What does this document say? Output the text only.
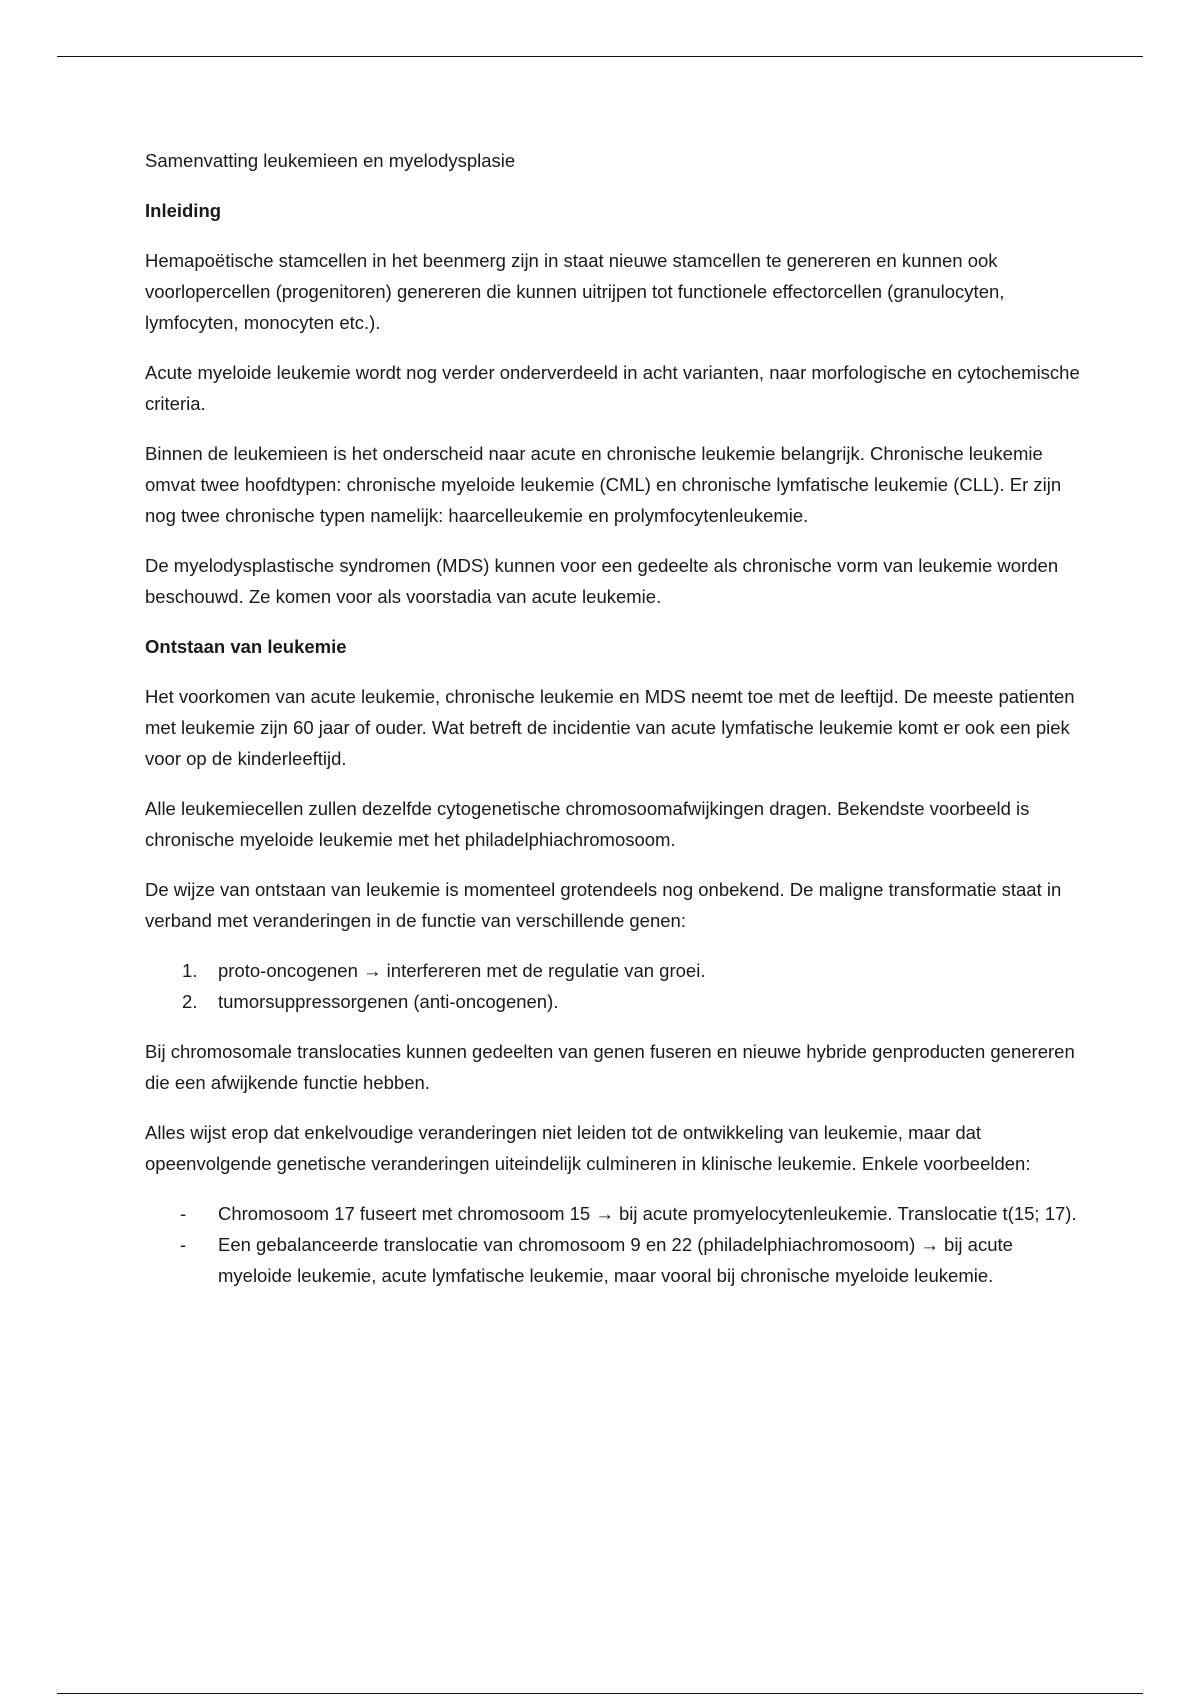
Samenvatting leukemieen en myelodysplasie

Inleiding

Hemapoëtische stamcellen in het beenmerg zijn in staat nieuwe stamcellen te genereren en kunnen ook voorlopercellen (progenitoren) genereren die kunnen uitrijpen tot functionele effectorcellen (granulocyten, lymfocyten, monocyten etc.).

Acute myeloide leukemie wordt nog verder onderverdeeld in acht varianten, naar morfologische en cytochemische criteria.

Binnen de leukemieen is het onderscheid naar acute en chronische leukemie belangrijk. Chronische leukemie omvat twee hoofdtypen: chronische myeloide leukemie (CML) en chronische lymfatische leukemie (CLL). Er zijn nog twee chronische typen namelijk: haarcelleukemie en prolymfocytenleukemie.

De myelodysplastische syndromen (MDS) kunnen voor een gedeelte als chronische vorm van leukemie worden beschouwd. Ze komen voor als voorstadia van acute leukemie.

Ontstaan van leukemie

Het voorkomen van acute leukemie, chronische leukemie en MDS neemt toe met de leeftijd. De meeste patienten met leukemie zijn 60 jaar of ouder. Wat betreft de incidentie van acute lymfatische leukemie komt er ook een piek voor op de kinderleeftijd.

Alle leukemiecellen zullen dezelfde cytogenetische chromosoomafwijkingen dragen. Bekendste voorbeeld is chronische myeloide leukemie met het philadelphiachromosoom.

De wijze van ontstaan van leukemie is momenteel grotendeels nog onbekend. De maligne transformatie staat in verband met veranderingen in de functie van verschillende genen:

1. proto-oncogenen → interfereren met de regulatie van groei.
2. tumorsuppressorgenen (anti-oncogenen).

Bij chromosomale translocaties kunnen gedeelten van genen fuseren en nieuwe hybride genproducten genereren die een afwijkende functie hebben.

Alles wijst erop dat enkelvoudige veranderingen niet leiden tot de ontwikkeling van leukemie, maar dat opeenvolgende genetische veranderingen uiteindelijk culmineren in klinische leukemie. Enkele voorbeelden:

- Chromosoom 17 fuseert met chromosoom 15 → bij acute promyelocytenleukemie. Translocatie t(15; 17).
- Een gebalanceerde translocatie van chromosoom 9 en 22 (philadelphiachromosoom) → bij acute myeloide leukemie, acute lymfatische leukemie, maar vooral bij chronische myeloide leukemie.
